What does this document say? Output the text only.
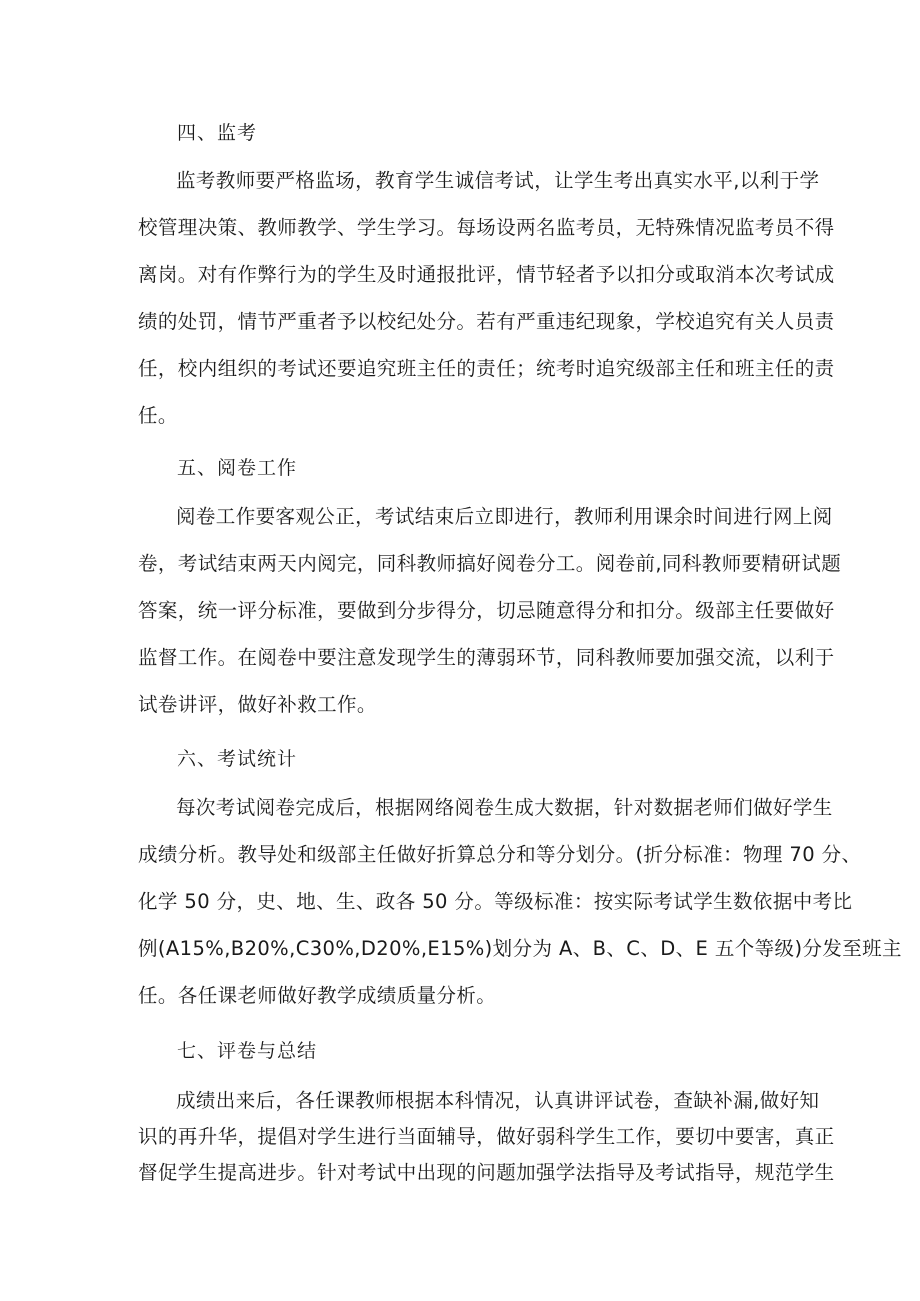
四、监考
监考教师要严格监场，教育学生诚信考试，让学生考出真实水平,以利于学
校管理决策、教师教学、学生学习。每场设两名监考员，无特殊情况监考员不得
离岗。对有作弊行为的学生及时通报批评，情节轻者予以扣分或取消本次考试成
绩的处罚，情节严重者予以校纪处分。若有严重违纪现象，学校追究有关人员责
任，校内组织的考试还要追究班主任的责任；统考时追究级部主任和班主任的责
任。
五、阅卷工作
阅卷工作要客观公正，考试结束后立即进行，教师利用课余时间进行网上阅
卷，考试结束两天内阅完，同科教师搞好阅卷分工。阅卷前,同科教师要精研试题
答案，统一评分标准，要做到分步得分，切忌随意得分和扣分。级部主任要做好
监督工作。在阅卷中要注意发现学生的薄弱环节，同科教师要加强交流，以利于
试卷讲评，做好补救工作。
六、考试统计
每次考试阅卷完成后，根据网络阅卷生成大数据，针对数据老师们做好学生
成绩分析。教导处和级部主任做好折算总分和等分划分。(折分标准：物理 70 分、
化学 50 分，史、地、生、政各 50 分。等级标准：按实际考试学生数依据中考比
例(A15%,B20%,C30%,D20%,E15%)划分为 A、B、C、D、E 五个等级)分发至班主
任。各任课老师做好教学成绩质量分析。
七、评卷与总结
成绩出来后，各任课教师根据本科情况，认真讲评试卷，查缺补漏,做好知
识的再升华，提倡对学生进行当面辅导，做好弱科学生工作，要切中要害，真正
督促学生提高进步。针对考试中出现的问题加强学法指导及考试指导，规范学生
